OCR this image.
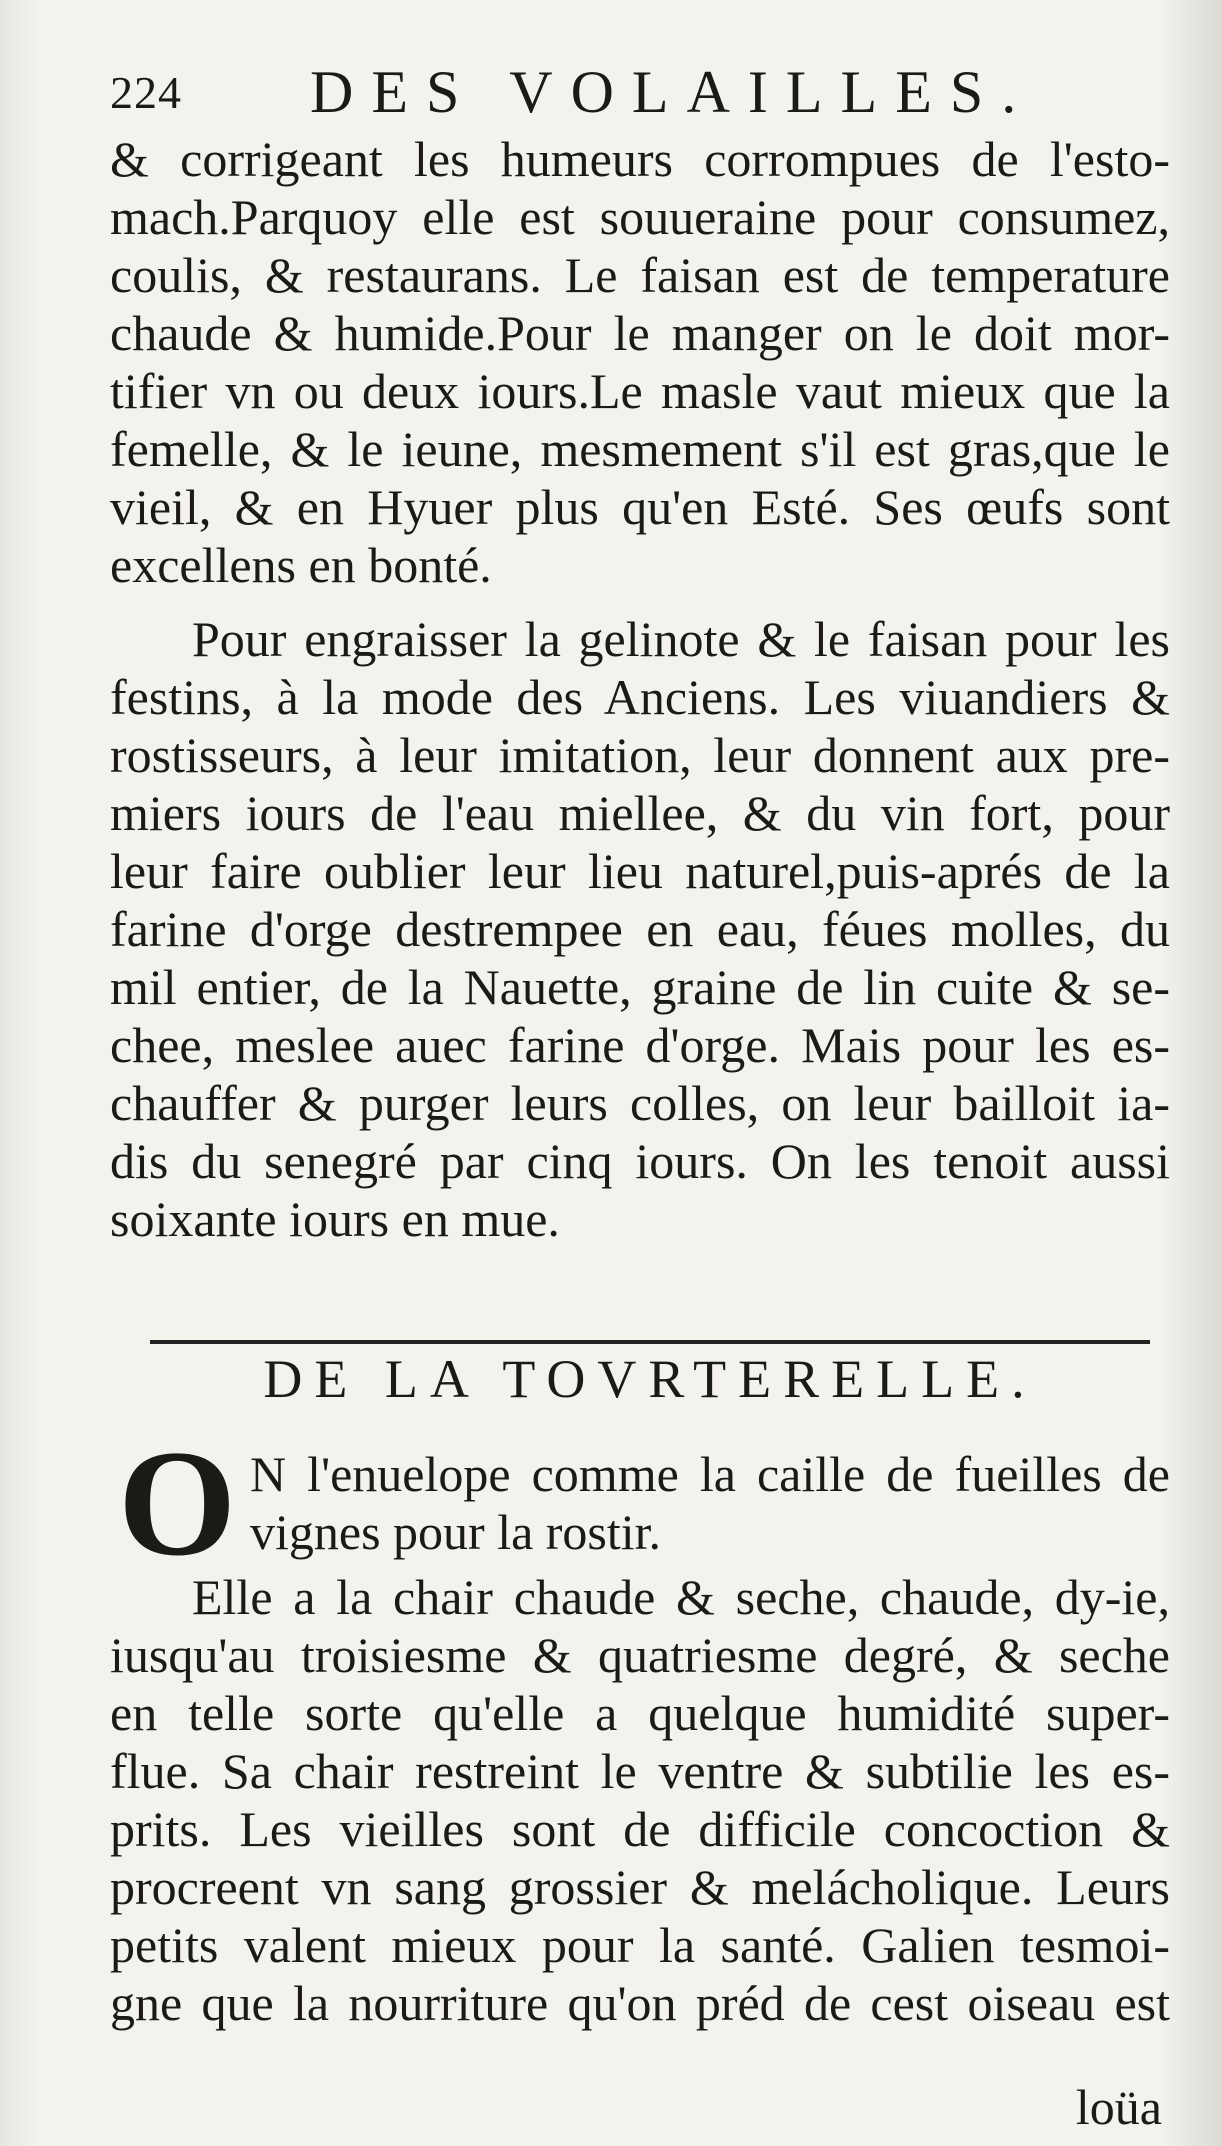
224 DES VOLAILLES.
& corrigeant les humeurs corrompues de l'esto-
mach.Parquoy elle est souueraine pour consumez,
coulis, & restaurans. Le faisan est de temperature
chaude & humide.Pour le manger on le doit mor-
tifier vn ou deux iours.Le masle vaut mieux que la
femelle, & le ieune, mesmement s'il est gras,que le
vieil, & en Hyuer plus qu'en Esté. Ses œufs sont
excellens en bonté.
Pour engraisser la gelinote & le faisan pour les
festins, à la mode des Anciens. Les viuandiers &
rostisseurs, à leur imitation, leur donnent aux pre-
miers iours de l'eau miellee, & du vin fort, pour
leur faire oublier leur lieu naturel,puis-aprés de la
farine d'orge destrempee en eau, féues molles, du
mil entier, de la Nauette, graine de lin cuite & se-
chee, meslee auec farine d'orge. Mais pour les es-
chauffer & purger leurs colles, on leur bailloit ia-
dis du senegré par cinq iours. On les tenoit aussi
soixante iours en mue.
DE LA TOVRTERELLE.
O N l'enuelope comme la caille de fueilles de
vignes pour la rostir.
Elle a la chair chaude & seche, chaude, dy-ie,
iusqu'au troisiesme & quatriesme degré, & seche
en telle sorte qu'elle a quelque humidité super-
flue. Sa chair restreint le ventre & subtilie les es-
prits. Les vieilles sont de difficile concoction &
procreent vn sang grossier & melácholique. Leurs
petits valent mieux pour la santé. Galien tesmoi-
gne que la nourriture qu'on préd de cest oiseau est
loüa
